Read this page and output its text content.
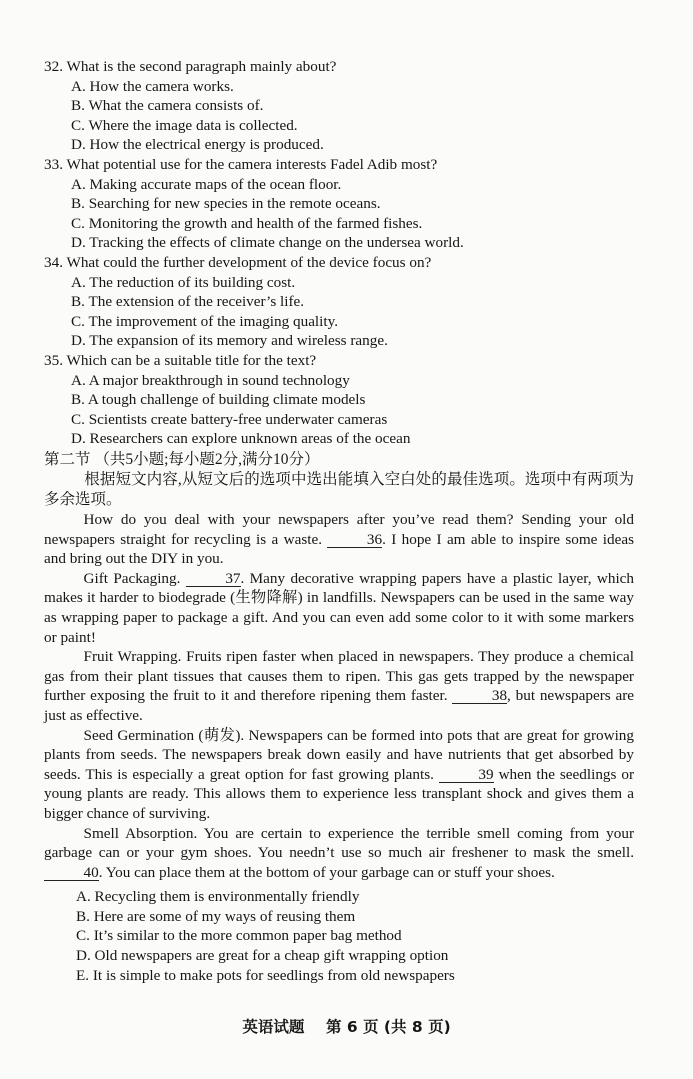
32. What is the second paragraph mainly about?
A. How the camera works.
B. What the camera consists of.
C. Where the image data is collected.
D. How the electrical energy is produced.
33. What potential use for the camera interests Fadel Adib most?
A. Making accurate maps of the ocean floor.
B. Searching for new species in the remote oceans.
C. Monitoring the growth and health of the farmed fishes.
D. Tracking the effects of climate change on the undersea world.
34. What could the further development of the device focus on?
A. The reduction of its building cost.
B. The extension of the receiver’s life.
C. The improvement of the imaging quality.
D. The expansion of its memory and wireless range.
35. Which can be a suitable title for the text?
A. A major breakthrough in sound technology
B. A tough challenge of building climate models
C. Scientists create battery-free underwater cameras
D. Researchers can explore unknown areas of the ocean
第二节 （共5小题;每小题2分,满分10分）
根据短文内容,从短文后的选项中选出能填入空白处的最佳选项。选项中有两项为多余选项。

How do you deal with your newspapers after you’ve read them? Sending your old newspapers straight for recycling is a waste.	36. I hope I am able to inspire some ideas and bring out the DIY in you.

Gift Packaging.	37. Many decorative wrapping papers have a plastic layer, which makes it harder to biodegrade (生物降解) in landfills. Newspapers can be used in the same way as wrapping paper to package a gift. And you can even add some color to it with some markers or paint!

Fruit Wrapping. Fruits ripen faster when placed in newspapers. They produce a chemical gas from their plant tissues that causes them to ripen. This gas gets trapped by the newspaper further exposing the fruit to it and therefore ripening them faster.	38, but newspapers are just as effective.

Seed Germination (萌发). Newspapers can be formed into pots that are great for growing plants from seeds. The newspapers break down easily and have nutrients that get absorbed by seeds. This is especially a great option for fast growing plants.	39 when the seedlings or young plants are ready. This allows them to experience less transplant shock and gives them a bigger chance of surviving.

Smell Absorption. You are certain to experience the terrible smell coming from your garbage can or your gym shoes. You needn’t use so much air freshener to mask the smell. 40. You can place them at the bottom of your garbage can or stuff your shoes.

A. Recycling them is environmentally friendly
B. Here are some of my ways of reusing them
C. It’s similar to the more common paper bag method
D. Old newspapers are great for a cheap gift wrapping option
E. It is simple to make pots for seedlings from old newspapers
英语试题 第 6 页 (共 8 页)
